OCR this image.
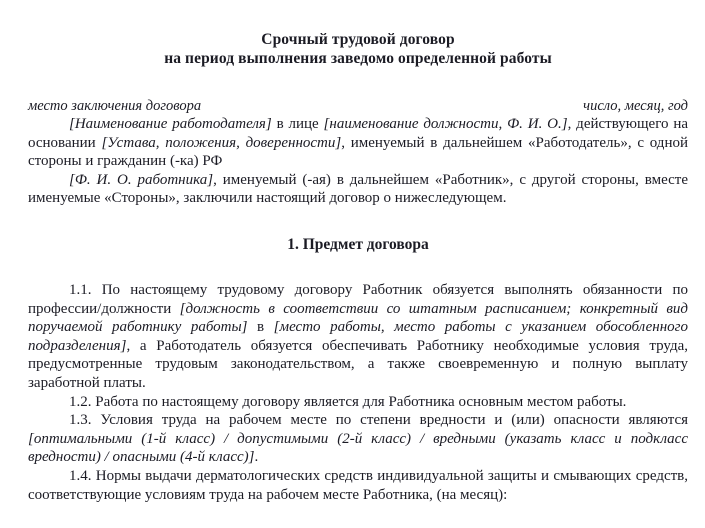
Срочный трудовой договор
на период выполнения заведомо определенной работы
место заключения договора	число, месяц, год

[Наименование работодателя] в лице [наименование должности, Ф. И. О.], действующего на основании [Устава, положения, доверенности], именуемый в дальнейшем «Работодатель», с одной стороны и гражданин (-ка) РФ

[Ф. И. О. работника], именуемый (-ая) в дальнейшем «Работник», с другой стороны, вместе именуемые «Стороны», заключили настоящий договор о нижеследующем.

1. Предмет договора

1.1. По настоящему трудовому договору Работник обязуется выполнять обязанности по профессии/должности [должность в соответствии со штатным расписанием; конкретный вид поручаемой работнику работы] в [место работы, место работы с указанием обособленного подразделения], а Работодатель обязуется обеспечивать Работнику необходимые условия труда, предусмотренные трудовым законодательством, а также своевременную и полную выплату заработной платы.

1.2. Работа по настоящему договору является для Работника основным местом работы.

1.3. Условия труда на рабочем месте по степени вредности и (или) опасности являются [оптимальными (1-й класс) / допустимыми (2-й класс) / вредными (указать класс и подкласс вредности) / опасными (4-й класс)].

1.4. Нормы выдачи дерматологических средств индивидуальной защиты и смывающих средств, соответствующие условиям труда на рабочем месте Работника, (на месяц):
